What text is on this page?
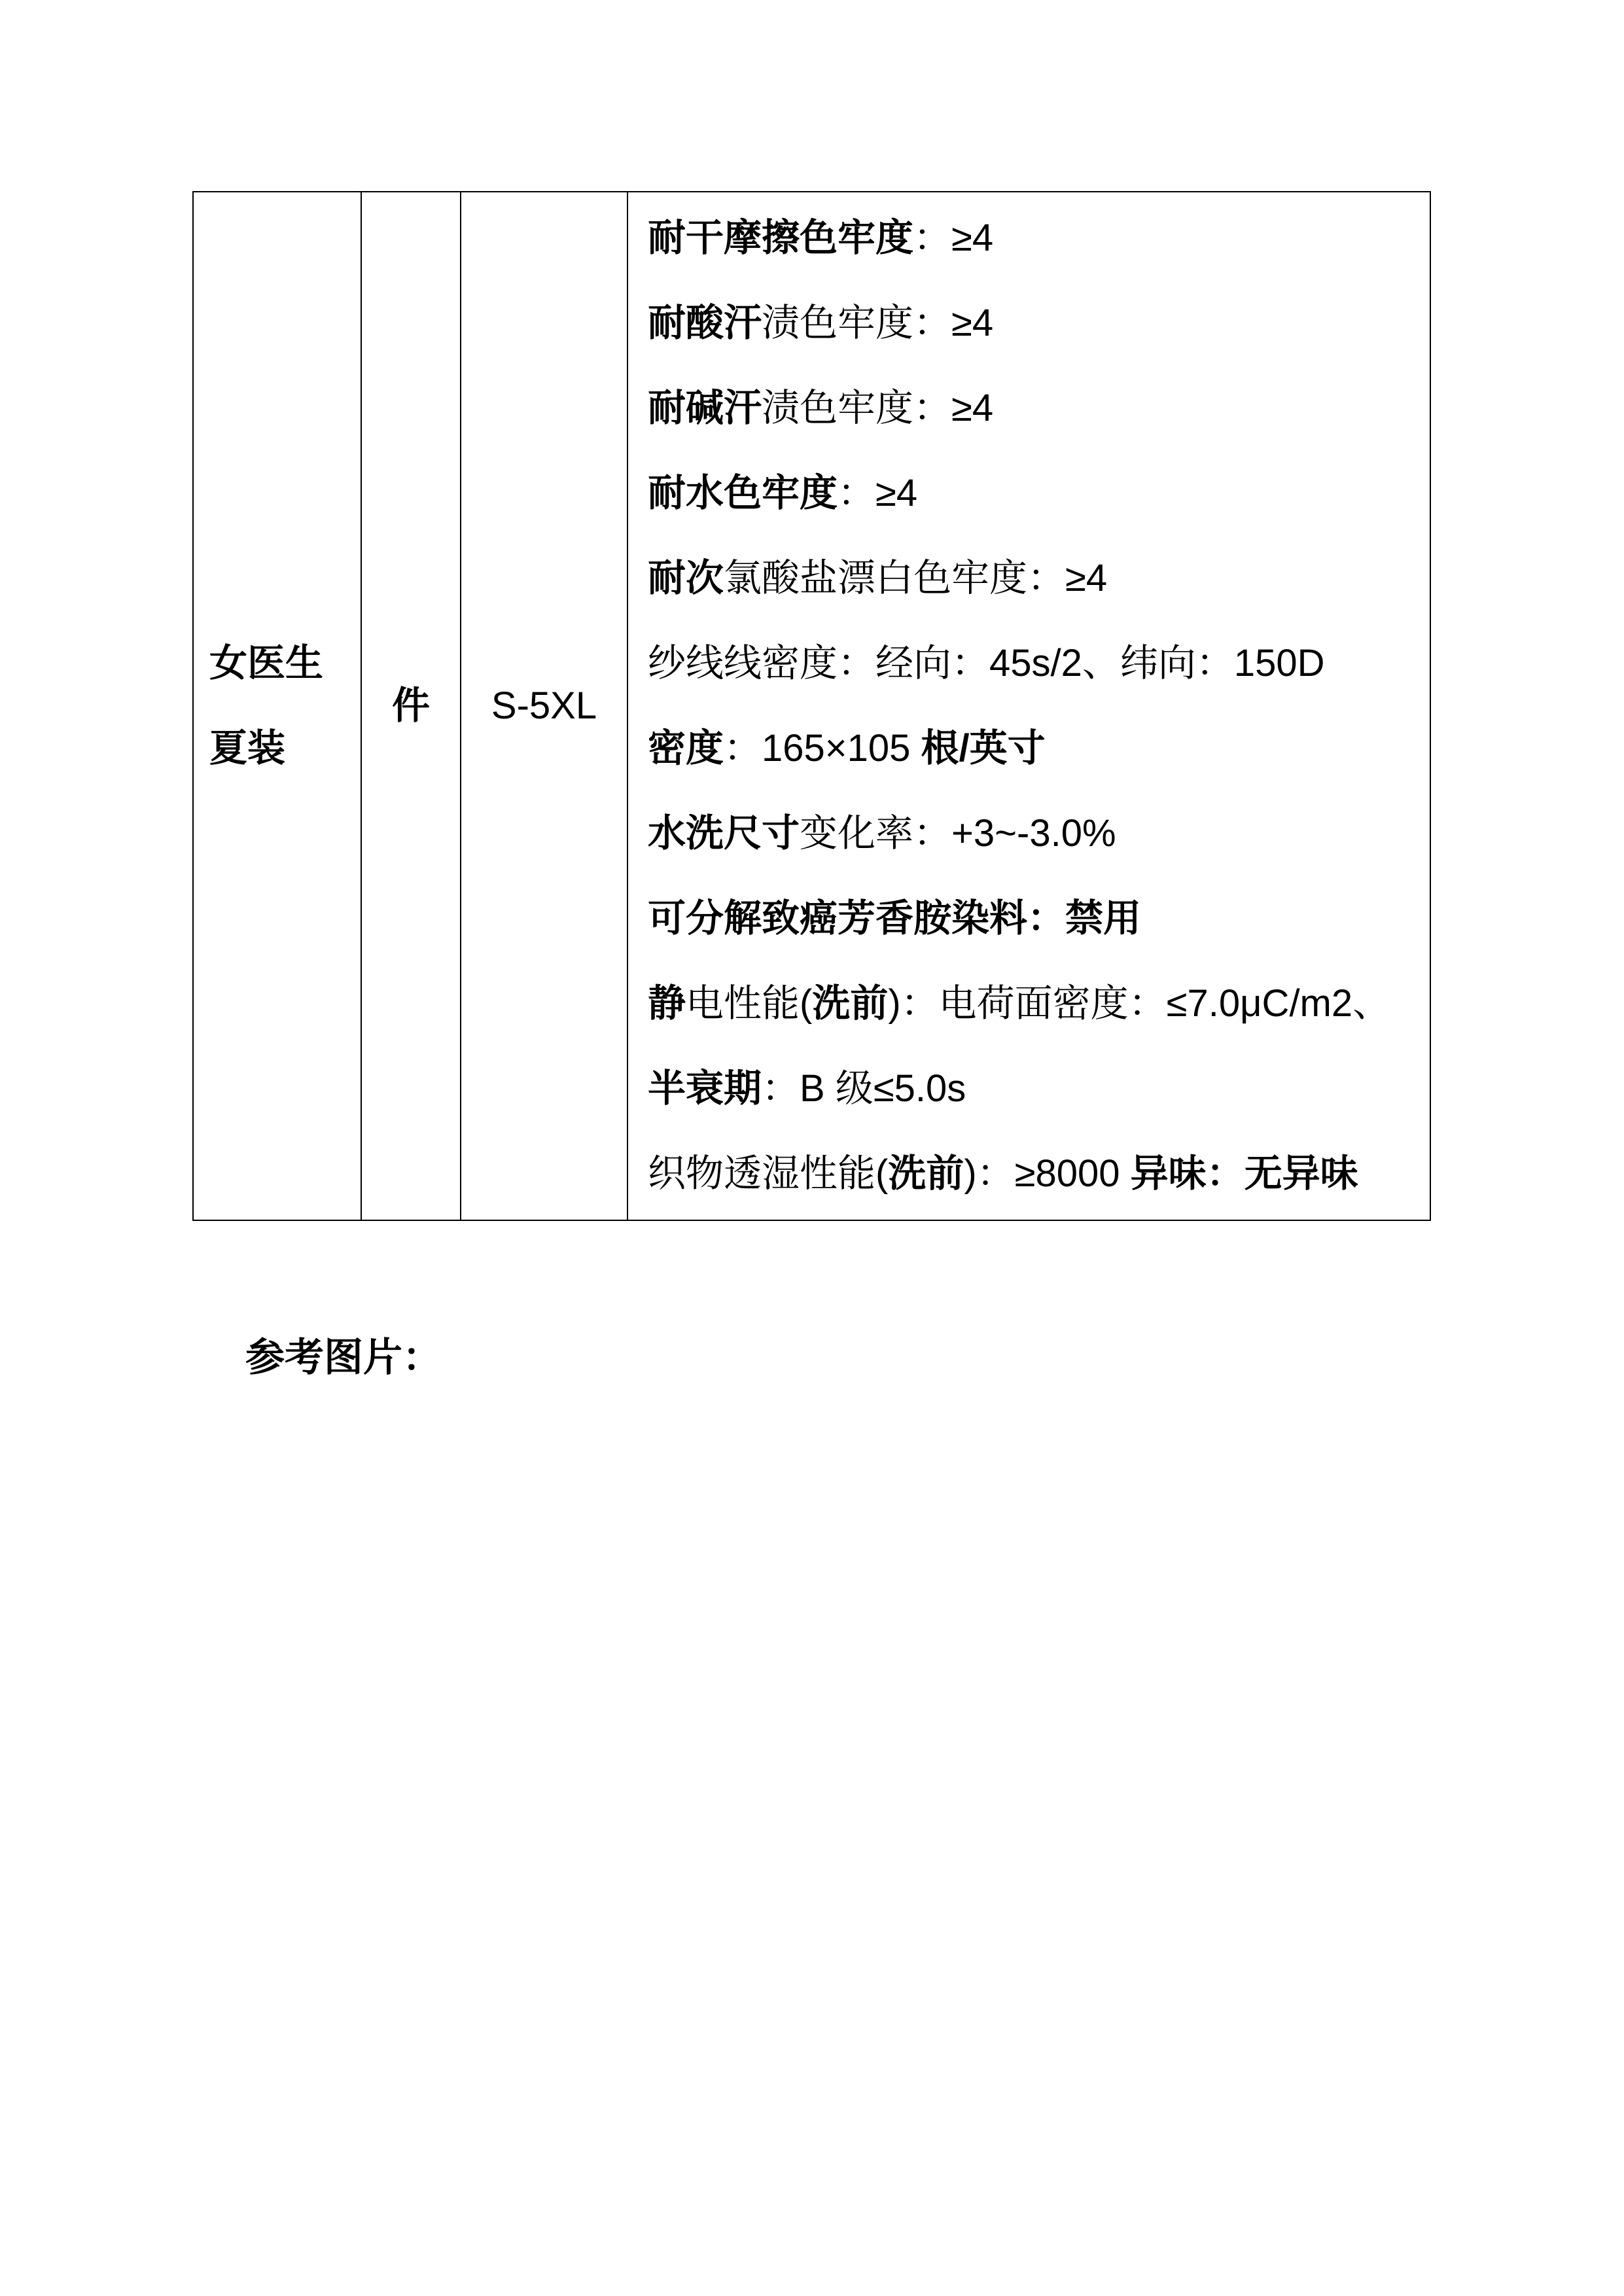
女医生
夏装
件 S-5XL
耐干摩擦色牢度：≥4
耐酸汗渍色牢度：≥4
耐碱汗渍色牢度：≥4
耐水色牢度：≥4
耐次氯酸盐漂白色牢度：≥4
纱线线密度：经向：45s/2、纬向：150D
密度：165×105 根/英寸
水洗尺寸变化率：+3~-3.0%
可分解致癌芳香胺染料：禁用
静电性能(洗前)：电荷面密度：≤7.0μC/m2、
半衰期：B 级≤5.0s
织物透湿性能(洗前)：≥8000 异味：无异味
参考图片：
